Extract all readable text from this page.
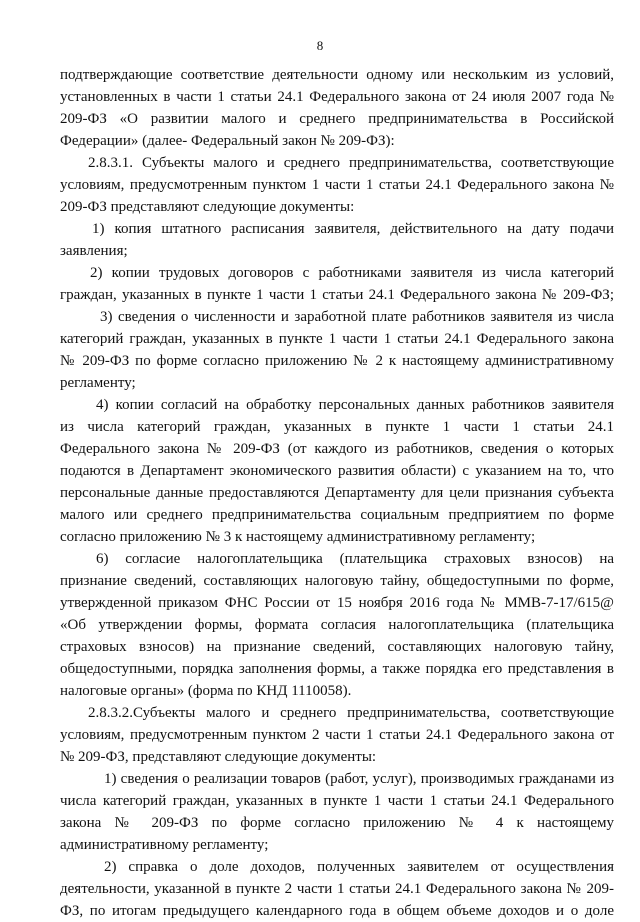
8
подтверждающие соответствие деятельности одному или нескольким из условий,
установленных в части 1 статьи 24.1 Федерального закона от 24 июля 2007 года №
209-ФЗ «О развитии малого и среднего предпринимательства в Российской
Федерации» (далее- Федеральный закон № 209-ФЗ):
2.8.3.1. Субъекты малого и среднего предпринимательства, соответствующие
условиям, предусмотренным пунктом 1 части 1 статьи 24.1 Федерального закона №
209-ФЗ представляют следующие документы:
1) копия штатного расписания заявителя, действительного на дату подачи
заявления;
2) копии трудовых договоров с работниками заявителя из числа категорий
граждан, указанных в пункте 1 части 1 статьи 24.1 Федерального закона № 209-ФЗ;
3) сведения о численности и заработной плате работников заявителя из числа
категорий граждан, указанных в пункте 1 части 1 статьи 24.1 Федерального закона
№ 209-ФЗ по форме согласно приложению № 2 к настоящему административному
регламенту;
4) копии согласий на обработку персональных данных работников заявителя
из числа категорий граждан, указанных в пункте 1 части 1 статьи 24.1
Федерального закона № 209-ФЗ (от каждого из работников, сведения о которых
подаются в Департамент экономического развития области) с указанием на то, что
персональные данные предоставляются Департаменту для цели признания субъекта
малого или среднего предпринимательства социальным предприятием по форме
согласно приложению № 3 к настоящему административному регламенту;
6) согласие налогоплательщика (плательщика страховых взносов) на
признание сведений, составляющих налоговую тайну, общедоступными по форме,
утвержденной приказом ФНС России от 15 ноября 2016 года № ММВ-7-17/615@
«Об утверждении формы, формата согласия налогоплательщика (плательщика
страховых взносов) на признание сведений, составляющих налоговую тайну,
общедоступными, порядка заполнения формы, а также порядка его представления в
налоговые органы» (форма по КНД 1110058).
2.8.3.2.Субъекты малого и среднего предпринимательства, соответствующие
условиям, предусмотренным пунктом 2 части 1 статьи 24.1 Федерального закона от
№ 209-ФЗ, представляют следующие документы:
1) сведения о реализации товаров (работ, услуг), производимых гражданами из
числа категорий граждан, указанных в пункте 1 части 1 статьи 24.1 Федерального
закона № 209-ФЗ по форме согласно приложению № 4 к настоящему
административному регламенту;
2) справка о доле доходов, полученных заявителем от осуществления
деятельности, указанной в пункте 2 части 1 статьи 24.1 Федерального закона № 209-
ФЗ, по итогам предыдущего календарного года в общем объеме доходов и о доле
